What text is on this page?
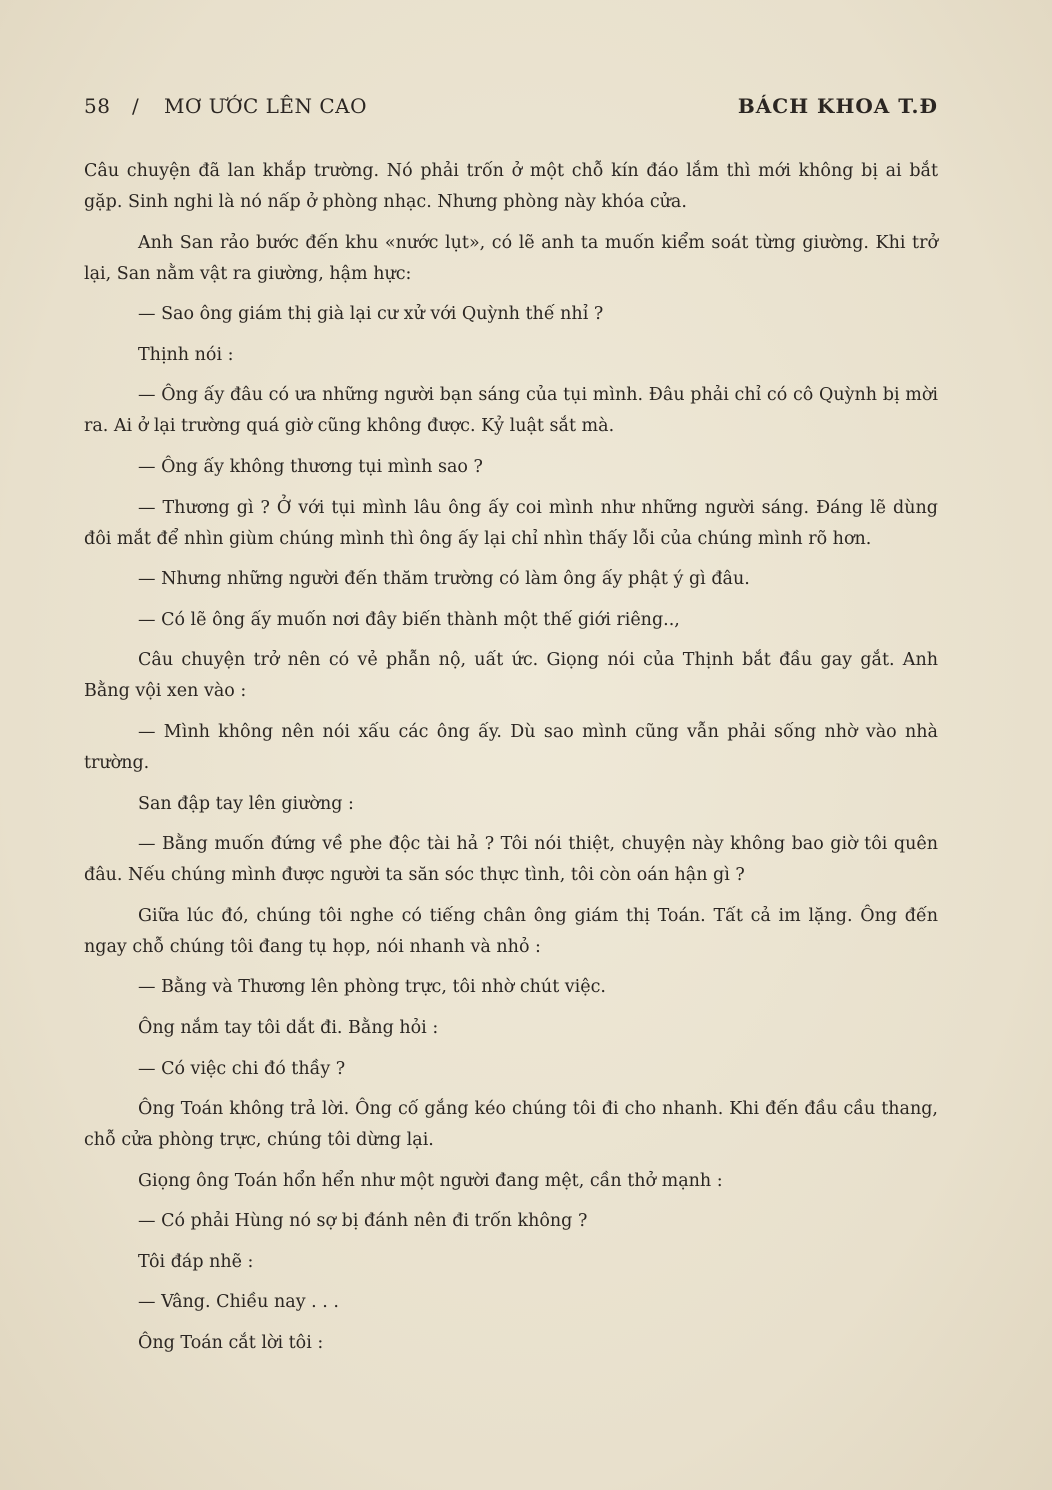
58 / MƠ ƯỚC LÊN CAO	BÁCH KHOA T.Đ

Câu chuyện đã lan khắp trường. Nó phải trốn ở một chỗ kín đáo lắm thì mới không bị ai bắt gặp. Sinh nghi là nó nấp ở phòng nhạc. Nhưng phòng này khóa cửa.

Anh San rảo bước đến khu «nước lụt», có lẽ anh ta muốn kiểm soát từng giường. Khi trở lại, San nằm vật ra giường, hậm hực:

— Sao ông giám thị già lại cư xử với Quỳnh thế nhỉ ?

Thịnh nói :

— Ông ấy đâu có ưa những người bạn sáng của tụi mình. Đâu phải chỉ có cô Quỳnh bị mời ra. Ai ở lại trường quá giờ cũng không được. Kỷ luật sắt mà.

— Ông ấy không thương tụi mình sao ?

— Thương gì ? Ở với tụi mình lâu ông ấy coi mình như những người sáng. Đáng lẽ dùng đôi mắt để nhìn giùm chúng mình thì ông ấy lại chỉ nhìn thấy lỗi của chúng mình rõ hơn.

— Nhưng những người đến thăm trường có làm ông ấy phật ý gì đâu.

— Có lẽ ông ấy muốn nơi đây biến thành một thế giới riêng..,

Câu chuyện trở nên có vẻ phẫn nộ, uất ức. Giọng nói của Thịnh bắt đầu gay gắt. Anh Bằng vội xen vào :

— Mình không nên nói xấu các ông ấy. Dù sao mình cũng vẫn phải sống nhờ vào nhà trường.

San đập tay lên giường :

— Bằng muốn đứng về phe độc tài hả ? Tôi nói thiệt, chuyện này không bao giờ tôi quên đâu. Nếu chúng mình được người ta săn sóc thực tình, tôi còn oán hận gì ?

Giữa lúc đó, chúng tôi nghe có tiếng chân ông giám thị Toán. Tất cả im lặng. Ông đến ngay chỗ chúng tôi đang tụ họp, nói nhanh và nhỏ :

— Bằng và Thương lên phòng trực, tôi nhờ chút việc.

Ông nắm tay tôi dắt đi. Bằng hỏi :

— Có việc chi đó thầy ?

Ông Toán không trả lời. Ông cố gắng kéo chúng tôi đi cho nhanh. Khi đến đầu cầu thang, chỗ cửa phòng trực, chúng tôi dừng lại.

Giọng ông Toán hổn hển như một người đang mệt, cần thở mạnh :

— Có phải Hùng nó sợ bị đánh nên đi trốn không ?

Tôi đáp nhẽ :

— Vâng. Chiều nay . . .

Ông Toán cắt lời tôi :
